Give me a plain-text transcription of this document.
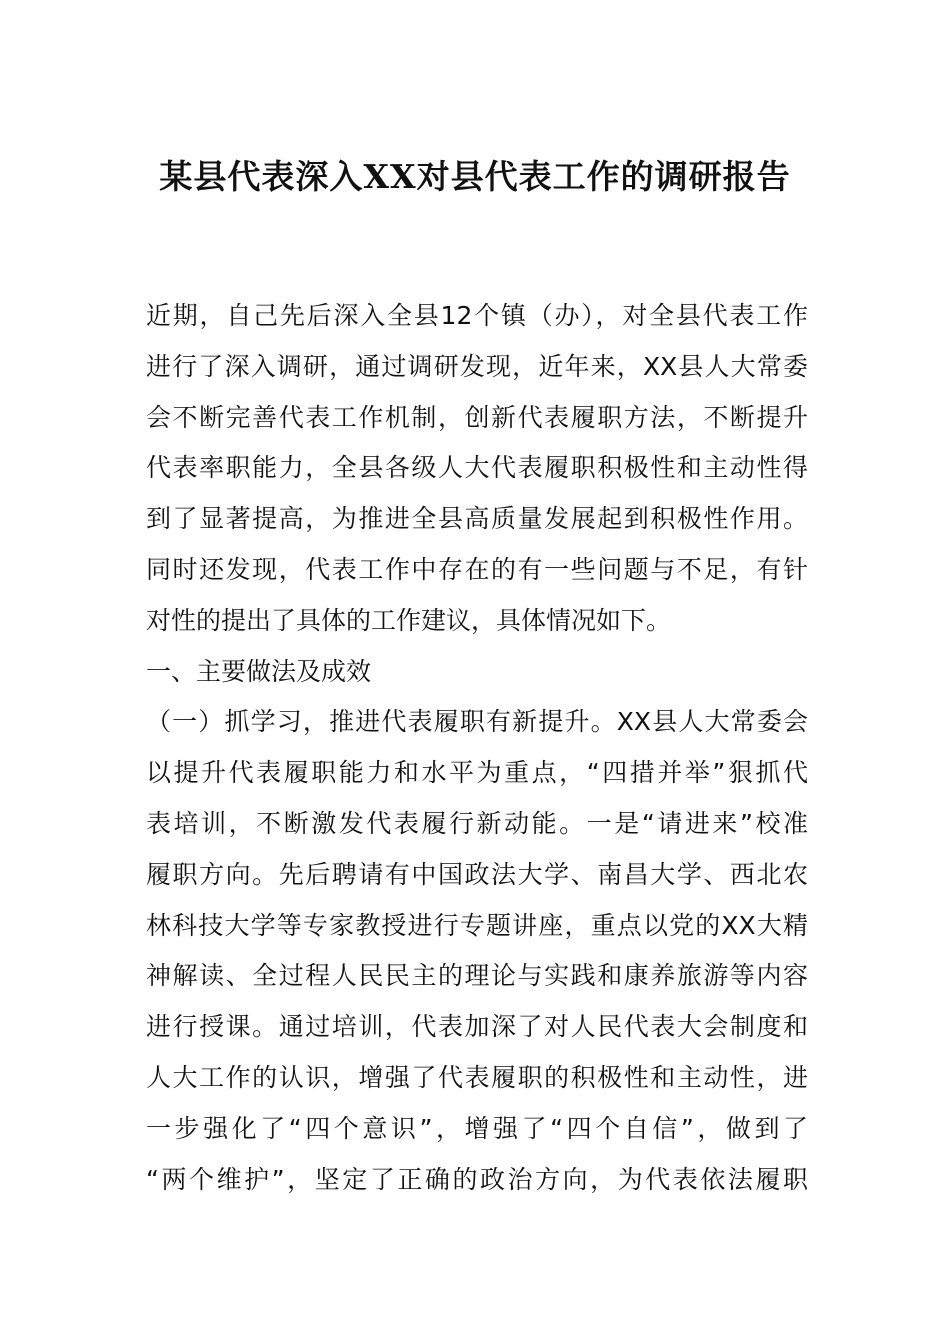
某县代表深入XX对县代表工作的调研报告
近期，自己先后深入全县12个镇（办），对全县代表工作
进行了深入调研，通过调研发现，近年来，XX县人大常委
会不断完善代表工作机制，创新代表履职方法，不断提升
代表率职能力，全县各级人大代表履职积极性和主动性得
到了显著提高，为推进全县高质量发展起到积极性作用。
同时还发现，代表工作中存在的有一些问题与不足，有针
对性的提出了具体的工作建议，具体情况如下。
一、主要做法及成效
（一）抓学习，推进代表履职有新提升。XX县人大常委会
以提升代表履职能力和水平为重点，“四措并举”狠抓代
表培训，不断激发代表履行新动能。一是“请进来”校准
履职方向。先后聘请有中国政法大学、南昌大学、西北农
林科技大学等专家教授进行专题讲座，重点以党的XX大精
神解读、全过程人民民主的理论与实践和康养旅游等内容
进行授课。通过培训，代表加深了对人民代表大会制度和
人大工作的认识，增强了代表履职的积极性和主动性，进
一步强化了“四个意识”，增强了“四个自信”，做到了
“两个维护”，坚定了正确的政治方向，为代表依法履职
